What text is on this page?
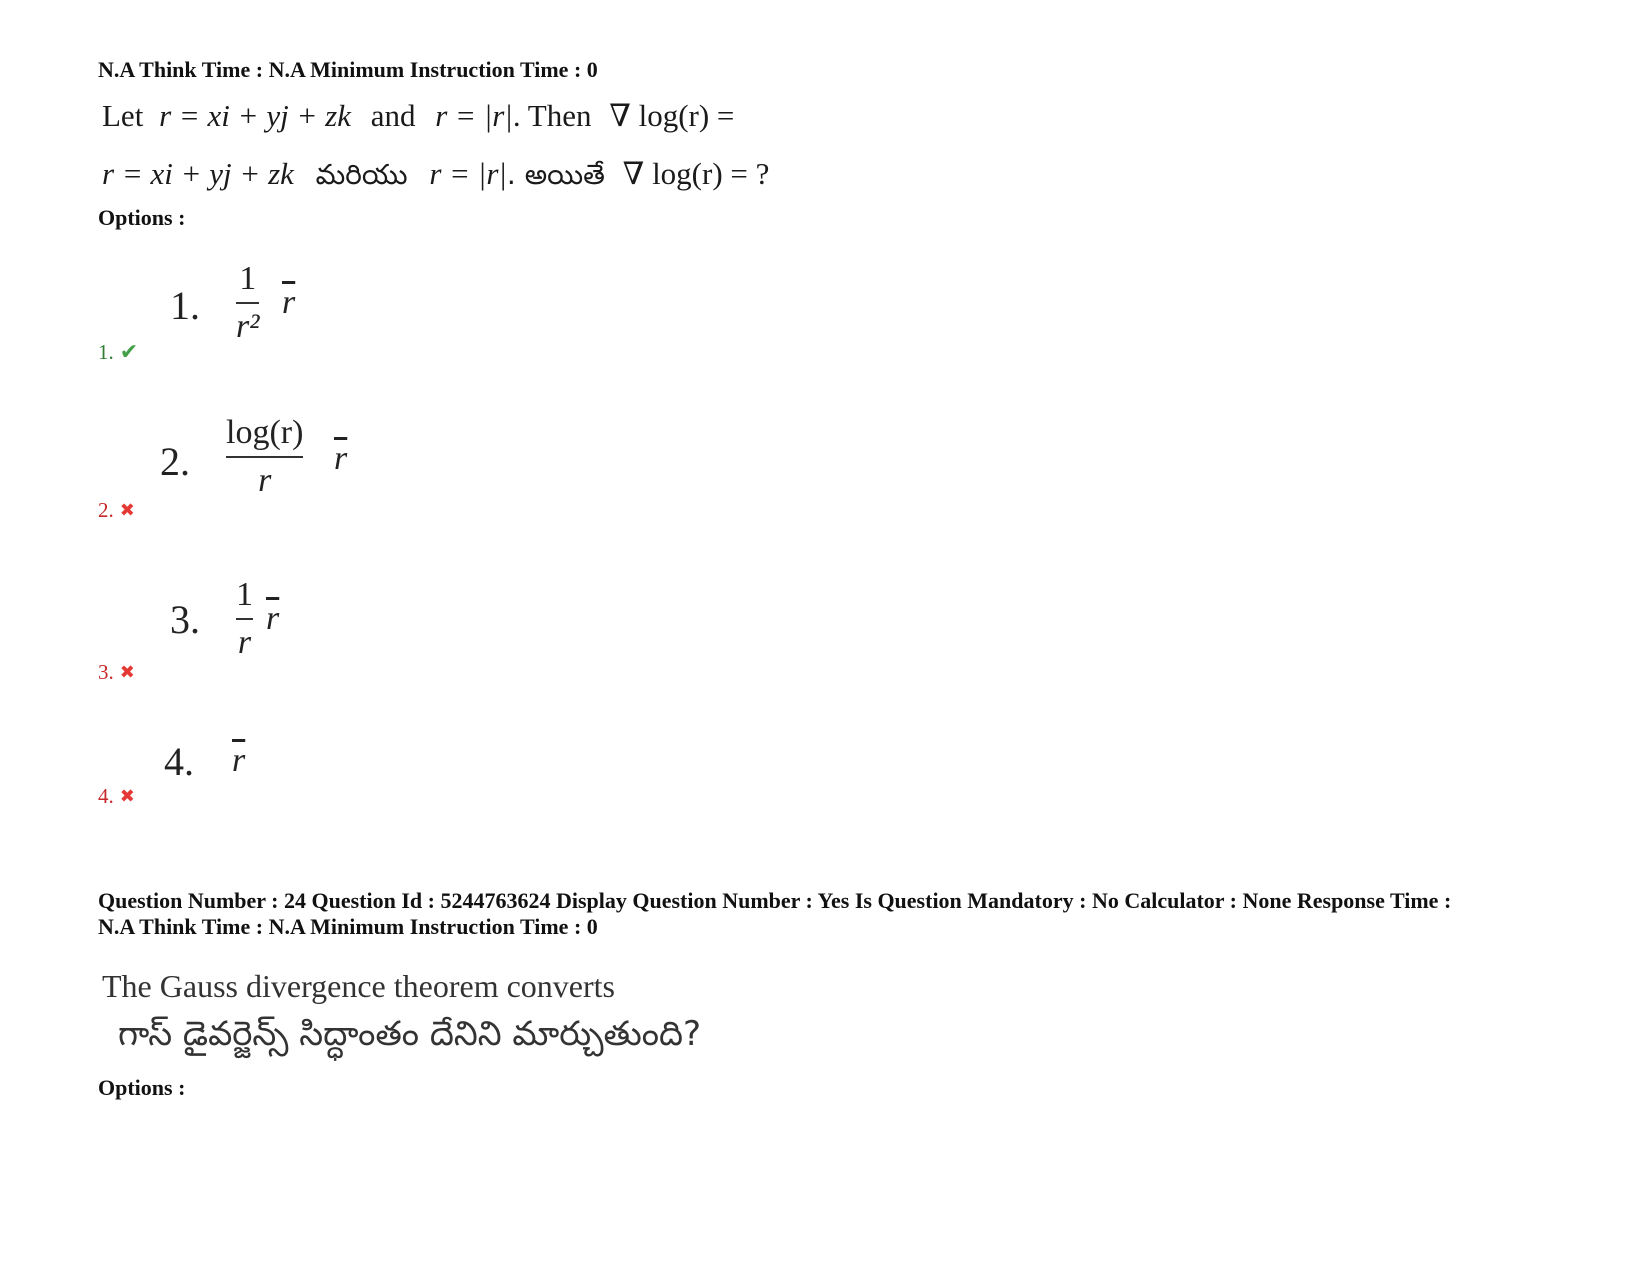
N.A Think Time : N.A Minimum Instruction Time : 0

Let r = xi + yj + zk and r = |r|. Then ∇ log(r) =
r = xi + yj + zk మరియు r = |r|. అయితే ∇ log(r) = ?

Options :

1. ✔
1.
1
r²
$\overline{r}$
2. ✖
2.
log(r)
r
$\overline{r}$
3. ✖
3.
1
r
$\overline{r}$
4. ✖
4. $\overline{r}$

Question Number : 24 Question Id : 5244763624 Display Question Number : Yes Is Question Mandatory : No Calculator : None Response Time :

N.A Think Time : N.A Minimum Instruction Time : 0

The Gauss divergence theorem converts
గాస్ డైవర్జెన్స్ సిద్ధాంతం దేనిని మార్చుతుంది?

Options :
